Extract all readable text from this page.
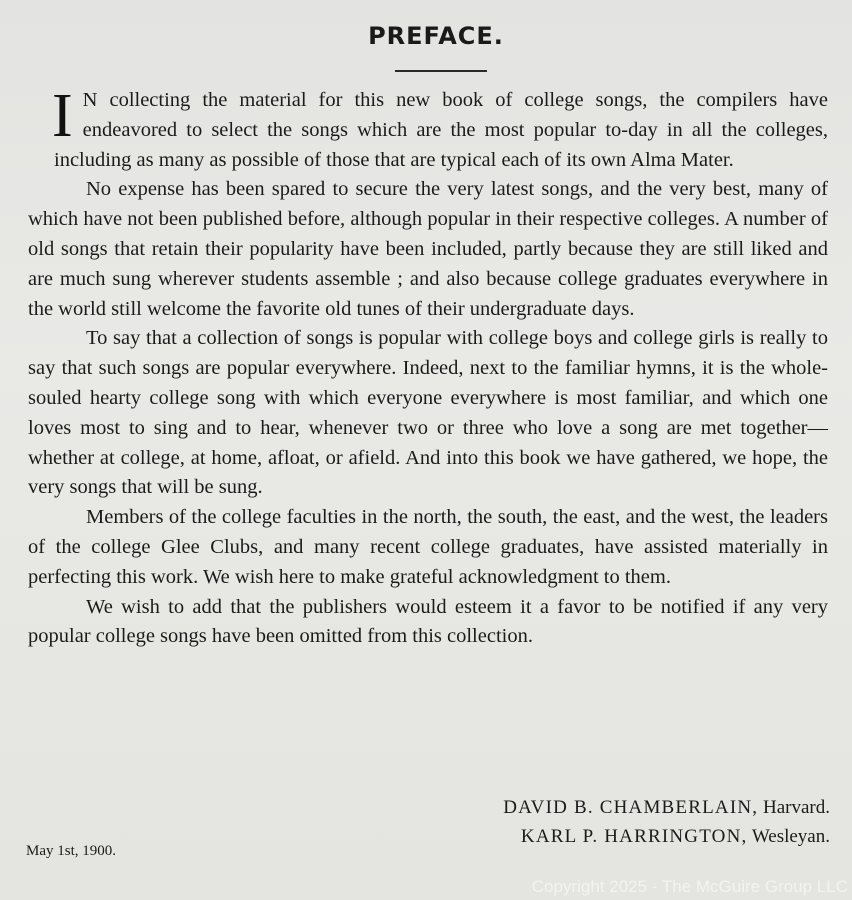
PREFACE.

I N collecting the material for this new book of college songs, the compilers have endeavored to select the songs which are the most popular to-day in all the colleges, including as many as possible of those that are typical each of its own Alma Mater.

No expense has been spared to secure the very latest songs, and the very best, many of which have not been published before, although popular in their respective colleges. A number of old songs that retain their popularity have been included, partly because they are still liked and are much sung wherever students assemble ; and also because college graduates everywhere in the world still welcome the favorite old tunes of their undergraduate days.

To say that a collection of songs is popular with college boys and college girls is really to say that such songs are popular everywhere. Indeed, next to the familiar hymns, it is the whole-souled hearty college song with which everyone everywhere is most familiar, and which one loves most to sing and to hear, whenever two or three who love a song are met together—whether at college, at home, afloat, or afield. And into this book we have gathered, we hope, the very songs that will be sung.

Members of the college faculties in the north, the south, the east, and the west, the leaders of the college Glee Clubs, and many recent college graduates, have assisted materially in perfecting this work. We wish here to make grateful acknowledgment to them.

We wish to add that the publishers would esteem it a favor to be notified if any very popular college songs have been omitted from this collection.

DAVID B. CHAMBERLAIN, Harvard.
KARL P. HARRINGTON, Wesleyan.
May 1st, 1900.
Copyright 2025 - The McGuire Group LLC
